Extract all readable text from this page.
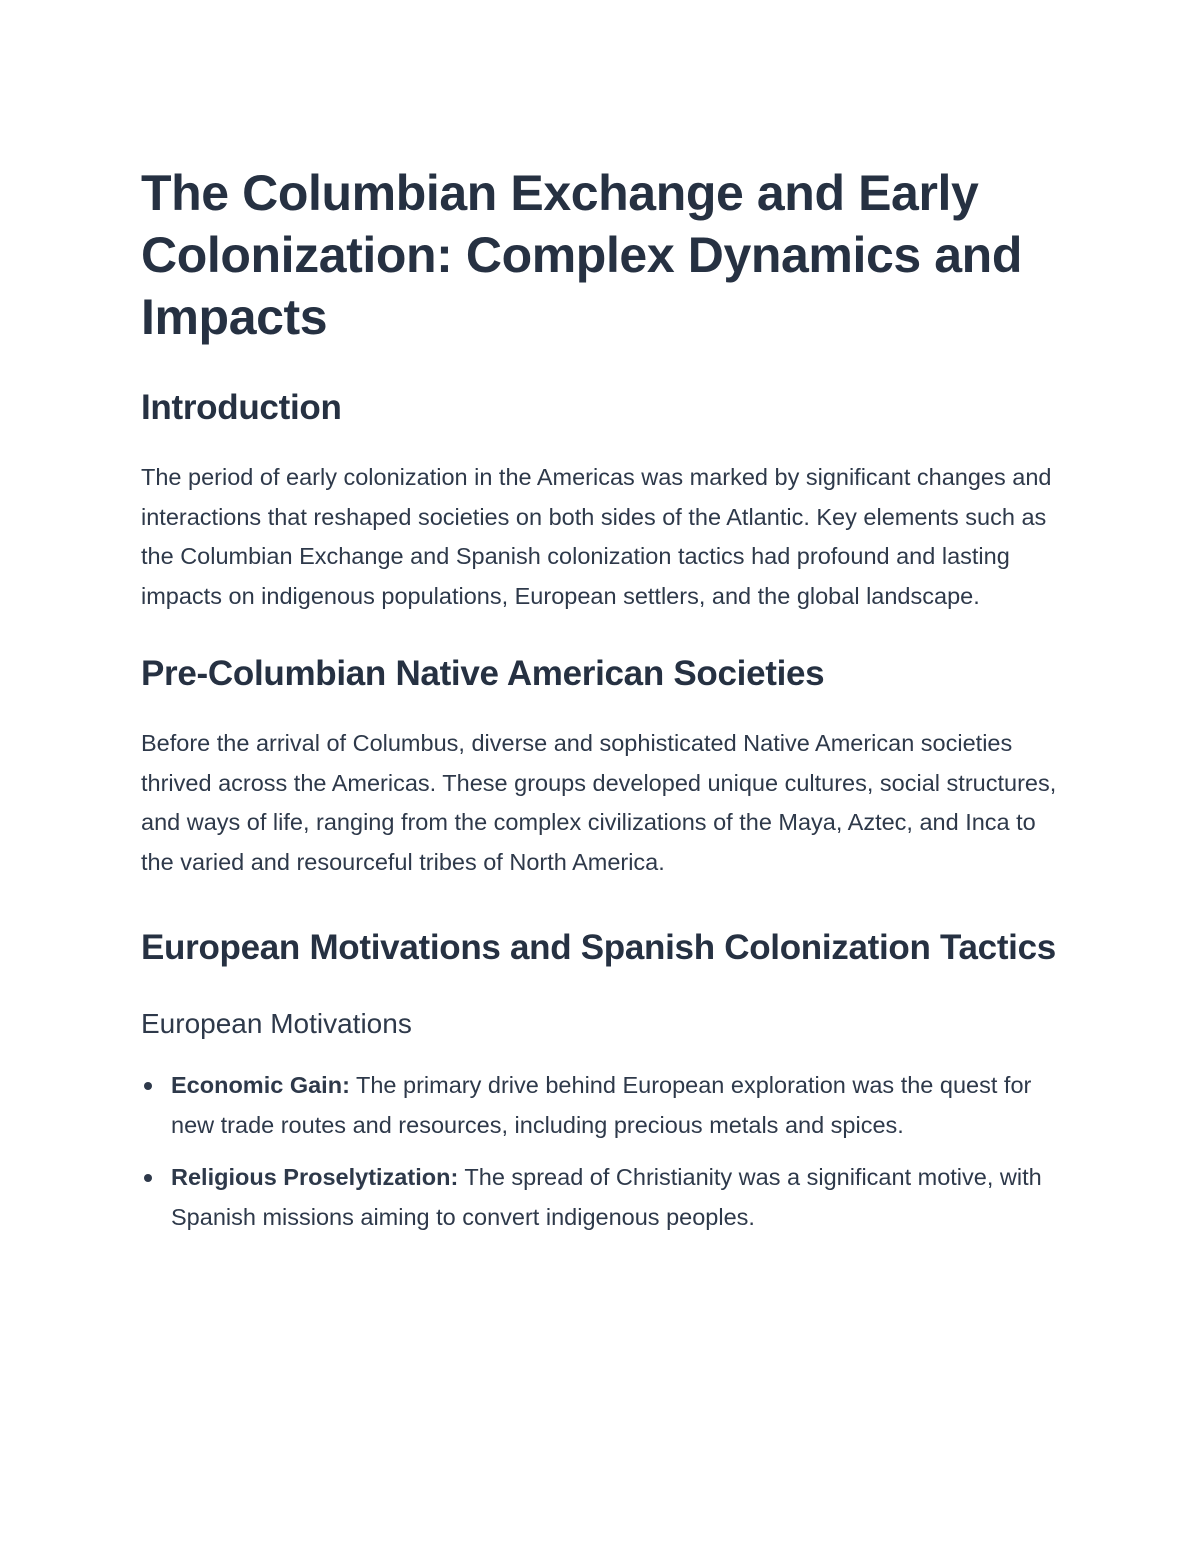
The Columbian Exchange and Early Colonization: Complex Dynamics and Impacts
Introduction

The period of early colonization in the Americas was marked by significant changes and interactions that reshaped societies on both sides of the Atlantic. Key elements such as the Columbian Exchange and Spanish colonization tactics had profound and lasting impacts on indigenous populations, European settlers, and the global landscape.

Pre-Columbian Native American Societies

Before the arrival of Columbus, diverse and sophisticated Native American societies thrived across the Americas. These groups developed unique cultures, social structures, and ways of life, ranging from the complex civilizations of the Maya, Aztec, and Inca to the varied and resourceful tribes of North America.

European Motivations and Spanish Colonization Tactics
European Motivations
Economic Gain: The primary drive behind European exploration was the quest for new trade routes and resources, including precious metals and spices.
Religious Proselytization: The spread of Christianity was a significant motive, with Spanish missions aiming to convert indigenous peoples.
